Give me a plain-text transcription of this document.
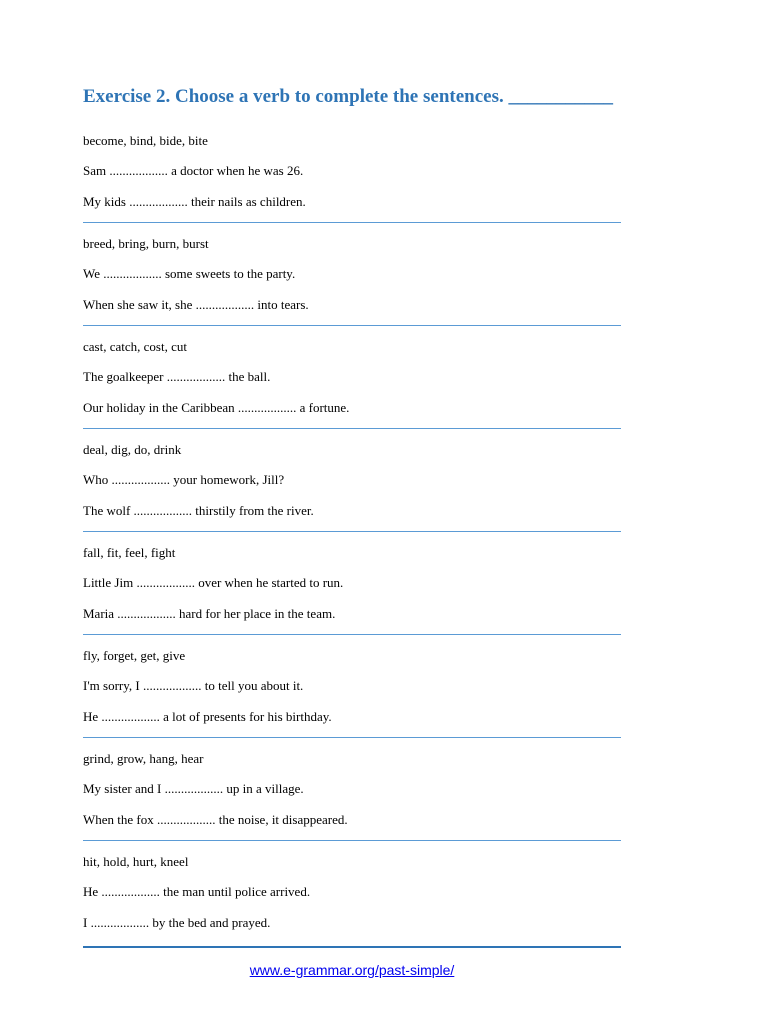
Exercise 2. Choose a verb to complete the sentences. ___________
become, bind, bide, bite
Sam .................. a doctor when he was 26.
My kids .................. their nails as children.
breed, bring, burn, burst
We .................. some sweets to the party.
When she saw it, she .................. into tears.
cast, catch, cost, cut
The goalkeeper .................. the ball.
Our holiday in the Caribbean .................. a fortune.
deal, dig, do, drink
Who .................. your homework, Jill?
The wolf .................. thirstily from the river.
fall, fit, feel, fight
Little Jim .................. over when he started to run.
Maria .................. hard for her place in the team.
fly, forget, get, give
I'm sorry, I .................. to tell you about it.
He .................. a lot of presents for his birthday.
grind, grow, hang, hear
My sister and I .................. up in a village.
When the fox .................. the noise, it disappeared.
hit, hold, hurt, kneel
He .................. the man until police arrived.
I .................. by the bed and prayed.
www.e-grammar.org/past-simple/
